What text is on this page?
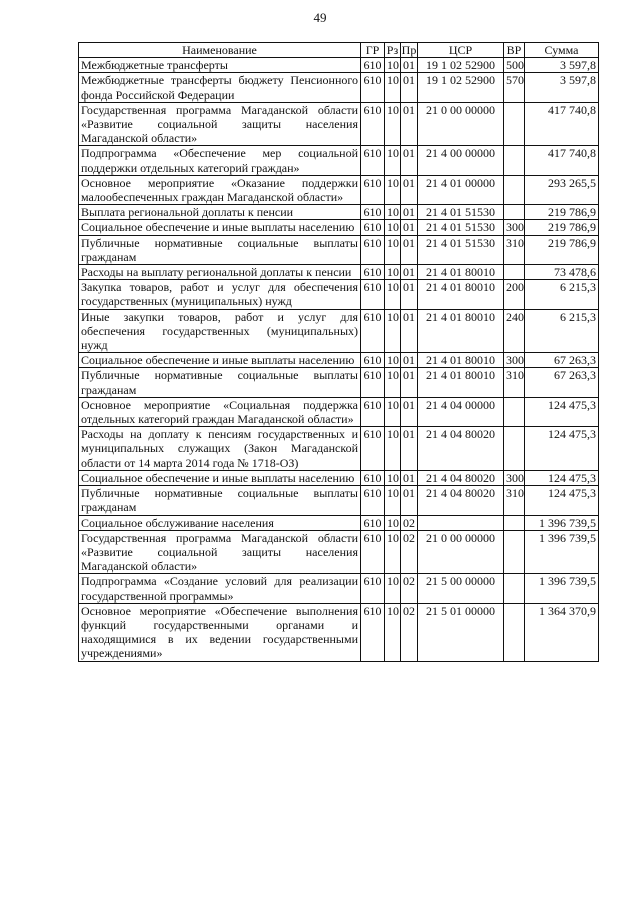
49
Наименование	ГР	Рз	Пр	ЦСР	ВР	Сумма
Межбюджетные трансферты	610	10	01	19 1 02 52900	500	3 597,8
Межбюджетные трансферты бюджету Пенсионного фонда Российской Федерации	610	10	01	19 1 02 52900	570	3 597,8
Государственная программа Магаданской области «Развитие социальной защиты населения Магаданской области»	610	10	01	21 0 00 00000		417 740,8
Подпрограмма «Обеспечение мер социальной поддержки отдельных категорий граждан»	610	10	01	21 4 00 00000		417 740,8
Основное мероприятие «Оказание поддержки малообеспеченных граждан Магаданской области»	610	10	01	21 4 01 00000		293 265,5
Выплата региональной доплаты к пенсии	610	10	01	21 4 01 51530		219 786,9
Социальное обеспечение и иные выплаты населению	610	10	01	21 4 01 51530	300	219 786,9
Публичные нормативные социальные выплаты гражданам	610	10	01	21 4 01 51530	310	219 786,9
Расходы на выплату региональной доплаты к пенсии	610	10	01	21 4 01 80010		73 478,6
Закупка товаров, работ и услуг для обеспечения государственных (муниципальных) нужд	610	10	01	21 4 01 80010	200	6 215,3
Иные закупки товаров, работ и услуг для обеспечения государственных (муниципальных) нужд	610	10	01	21 4 01 80010	240	6 215,3
Социальное обеспечение и иные выплаты населению	610	10	01	21 4 01 80010	300	67 263,3
Публичные нормативные социальные выплаты гражданам	610	10	01	21 4 01 80010	310	67 263,3
Основное мероприятие «Социальная поддержка отдельных категорий граждан Магаданской области»	610	10	01	21 4 04 00000		124 475,3
Расходы на доплату к пенсиям государственных и муниципальных служащих (Закон Магаданской области от 14 марта 2014 года № 1718-ОЗ)	610	10	01	21 4 04 80020		124 475,3
Социальное обеспечение и иные выплаты населению	610	10	01	21 4 04 80020	300	124 475,3
Публичные нормативные социальные выплаты гражданам	610	10	01	21 4 04 80020	310	124 475,3
Социальное обслуживание населения	610	10	02			1 396 739,5
Государственная программа Магаданской области «Развитие социальной защиты населения Магаданской области»	610	10	02	21 0 00 00000		1 396 739,5
Подпрограмма «Создание условий для реализации государственной программы»	610	10	02	21 5 00 00000		1 396 739,5
Основное мероприятие «Обеспечение выполнения функций государственными органами и находящимися в их ведении государственными учреждениями»	610	10	02	21 5 01 00000		1 364 370,9
